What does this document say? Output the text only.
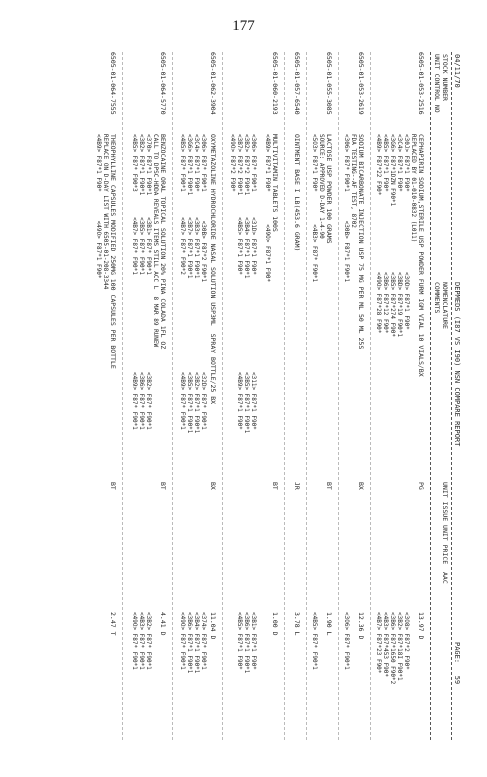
177
04/11/70
DEPMEDS (I87 VS I90) NSN COMPARE REPORT
PAGE:   59
STOCK NUMBER
UNIT CONTROL NO
NOMENCLATURE
COMMENTS
UNIT ISSUE UNIT PRICE  AAC
6505-01-053-2516
CEPHAPIRIN SODIUM,STERILE USP POWDER FURM IGM VIAL 10 VIALS/BX
REPLACED BY 01-010-0832 (L011)
<30J> F87*1 F90*
<3C4> F87*1 F90*
<3G6> F87*1DZN F90*1
<4B5> F87*1 F90*
<4B9> F87*22 F90*
<3OD> F87*1 F90*
<3BD> F87*19 F90*1
<3B5> F87*274 F90*
<3B6> F87*12 F90*
<49O> F87*28 F90*
PG
13.97 D
<3O8> F87*2 F90*
<3B2> F87*18I F90*1
<3B6> F87*1650 F90*2
<4B3> F87*453 F90*
<4B7> F87*23 F90*
6505-01-053-2619
SODIUM BICARBONATE INJECTION USP 75 MG PER ML 50 ML 25S
FDA TESTING--AF TEST, 8702
<306> F87* F90*1        <30B> F87*1 F90*1
BX
12.36 D
<3O6> F87* F90*1
6505-01-055-3085
LACTOSE USP POWDER 100 GRAMS
SOURCE: APPROVED D-DAY 1-4-90
<5O3> F87*1 F90*         <4B3> F87* F90*1
BT
1.90 L
<4B5> F87* F90*1
6505-01-057-6540
OINTMENT BASE I LB(453.6 GRAM)
JR
3.78 L
6505-01-060-2193
MULTIVITAMIN TABLETS 100S
<4B9> F87*1 F90*         <49O> F87*1 F90*

<306> F87* F90*1       <31D> F87*1 F90*
<3B2> F87*2 F90*1      <3B4> F87*1 F90*1
<3B7> F87*2 F90*1      <4B5> F87*1 F90*
<49O> F87*2 F90*
<311> F87*1 F90*
<3B5> F87*1 F90*1
<4B9> F87*1 F90*
BT
1.00 D
<3B1> F87*1 F90*
<3B6> F87*1 F90*1
<4B5> F87*1 F90*
6505-01-062-3904
OXYMETAZOLINE HYDROCHLORIDE NASAL SOLUTION USP3ML  SPRAY BOTTLE/25 BX
<306> F87* F90*1        <30B> F87*2 F90*1
<3C4> F87*1 F90*       <3B3> F87*1 F90*1
<3G6> F87*1 F90*1      <3B7> F87*1 F90*1
<4B5> F87* F90*1       <4B7> F87* F90*2
<32D> F87* F90*1
<3B2> F87*1 F90*1
<3B5> F87*1 F90*1
<4B9> F87* F90*1
BX
11.04 D
<374> F87* F90*1
<3B4> F87*1 F90*1
<3B6> F87*1 F90*1
<49O> F87* F90*1
6505-01-064-5770
BENZOCAINE ORAL TOPICAL SOLUTION 20% PINA COLADA 1FL OZ
CALL TO DPSC-HDDA REVEALS ITEMS STILL ACC L  8 MAR 89 RUNEW
<370> F87*1 F90*1      <3B1> F87* F90*1
<3B2> F87*1 F90*1      <3B5> F87* F90*1
<4B5> F87* F90*3       <4B7> F87* F90*1
<3B2> F87* F90*1
<3B6> F87* F90*1
<4B9> F87* F90*1
BT
4.41 D
<3B2> F87* F90*1
<4B3> F87* F90*1
<49O> F87* F90*1
6505-01-064-7555
THEOPHYLLINE CAPSULES MODIFIED 250MG 100 CAPSULES PER BOTTLE
REPLACE ON D-DAY LIST WITH 6505-01-208-3344
<4B9> F87*1 F90*        <49O> F87*1 F90*
BT
2.47 T
